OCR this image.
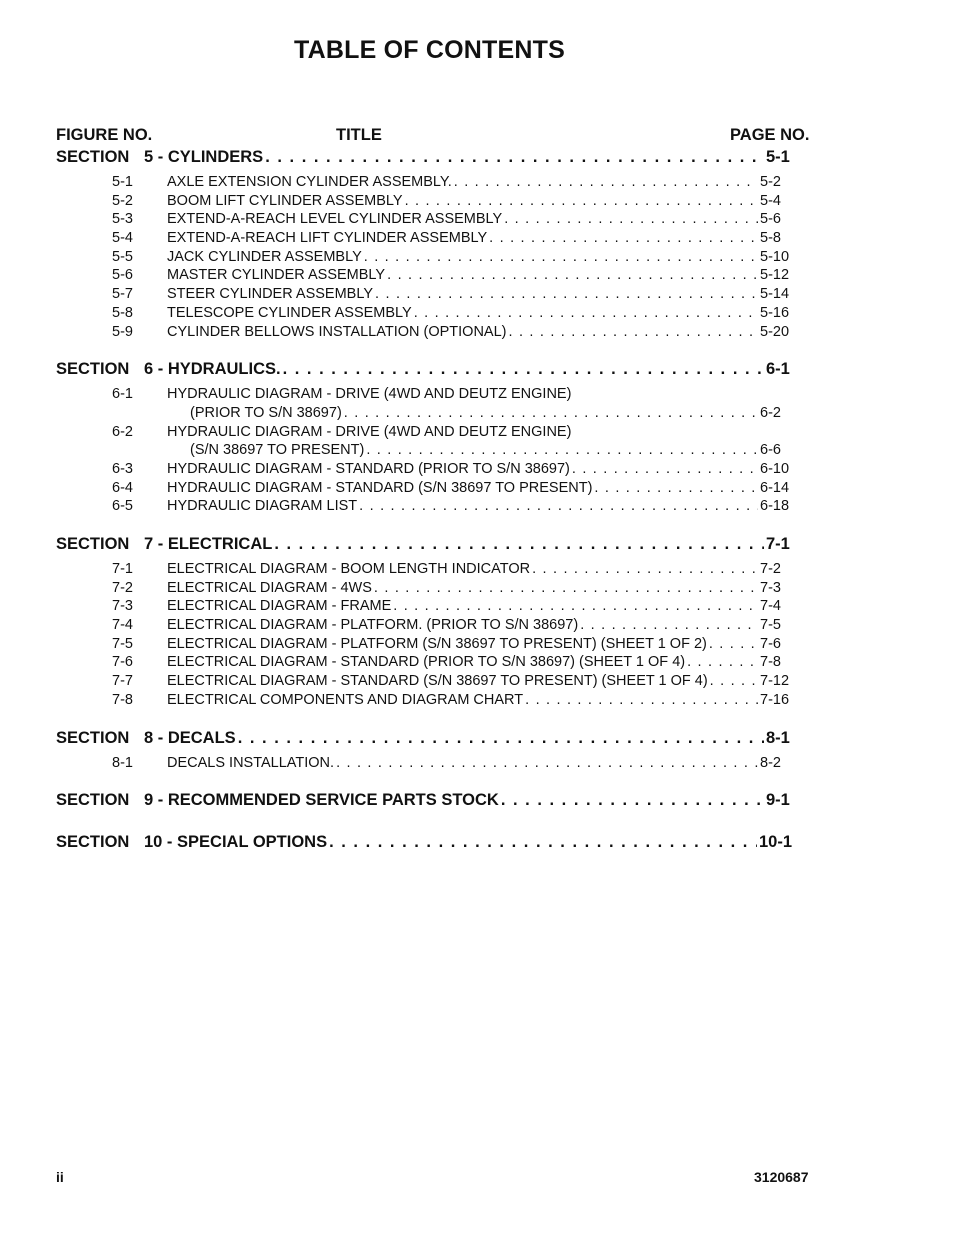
TABLE OF CONTENTS
FIGURE NO.	TITLE	PAGE NO.
SECTION 5 - CYLINDERS . . .	5-1
5-1	AXLE EXTENSION CYLINDER ASSEMBLY. . . .	5-2
5-2	BOOM LIFT CYLINDER ASSEMBLY . . .	5-4
5-3	EXTEND-A-REACH LEVEL CYLINDER ASSEMBLY . . .	5-6
5-4	EXTEND-A-REACH LIFT CYLINDER ASSEMBLY . . .	5-8
5-5	JACK CYLINDER ASSEMBLY . . .	5-10
5-6	MASTER CYLINDER ASSEMBLY . . .	5-12
5-7	STEER CYLINDER ASSEMBLY . . .	5-14
5-8	TELESCOPE CYLINDER ASSEMBLY . . .	5-16
5-9	CYLINDER BELLOWS INSTALLATION (OPTIONAL) . . .	5-20
SECTION 6 - HYDRAULICS. . . .	6-1
6-1	HYDRAULIC DIAGRAM - DRIVE (4WD AND DEUTZ ENGINE)
(PRIOR TO S/N 38697) . . .	6-2
6-2	HYDRAULIC DIAGRAM - DRIVE (4WD AND DEUTZ ENGINE)
(S/N 38697 TO PRESENT) . . .	6-6
6-3	HYDRAULIC DIAGRAM - STANDARD (PRIOR TO S/N 38697) . . .	6-10
6-4	HYDRAULIC DIAGRAM - STANDARD (S/N 38697 TO PRESENT) . . .	6-14
6-5	HYDRAULIC DIAGRAM LIST . . .	6-18
SECTION 7 - ELECTRICAL . . .	7-1
7-1	ELECTRICAL DIAGRAM - BOOM LENGTH INDICATOR . . .	7-2
7-2	ELECTRICAL DIAGRAM - 4WS . . .	7-3
7-3	ELECTRICAL DIAGRAM - FRAME . . .	7-4
7-4	ELECTRICAL DIAGRAM - PLATFORM. (PRIOR TO S/N 38697) . . .	7-5
7-5	ELECTRICAL DIAGRAM - PLATFORM (S/N 38697 TO PRESENT) (SHEET 1 OF 2) . . .	7-6
7-6	ELECTRICAL DIAGRAM - STANDARD (PRIOR TO S/N 38697) (SHEET 1 OF 4) . . .	7-8
7-7	ELECTRICAL DIAGRAM - STANDARD (S/N 38697 TO PRESENT) (SHEET 1 OF 4) . . .	7-12
7-8	ELECTRICAL COMPONENTS AND DIAGRAM CHART . . .	7-16
SECTION 8 - DECALS . . .	8-1
8-1	DECALS INSTALLATION. . . .	8-2
SECTION 9 - RECOMMENDED SERVICE PARTS STOCK . . .	9-1
SECTION 10 - SPECIAL OPTIONS . . .	10-1
ii	3120687
